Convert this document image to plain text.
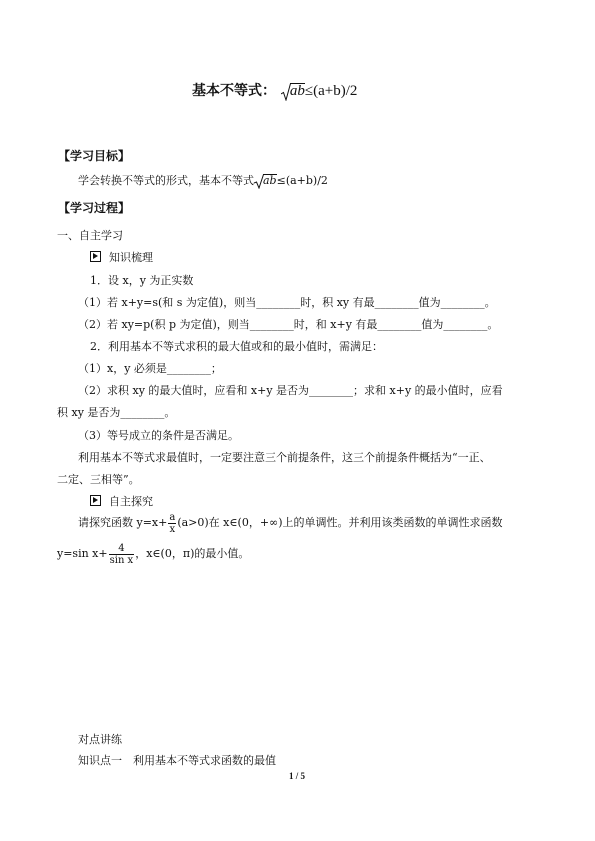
基本不等式： ab≤(a+b)/2
【学习目标】
学会转换不等式的形式，基本不等式 ab≤(a+b)/2
【学习过程】
一、自主学习
知识梳理
1．设 x，y 为正实数
（1）若 x+y=s(和 s 为定值)，则当________时，积 xy 有最________值为________。
（2）若 xy=p(积 p 为定值)，则当________时，和 x+y 有最________值为________。
2．利用基本不等式求积的最大值或和的最小值时，需满足：
（1）x，y 必须是________；
（2）求积 xy 的最大值时，应看和 x+y 是否为________；求和 x+y 的最小值时，应看
积 xy 是否为________。
（3）等号成立的条件是否满足。
利用基本不等式求最值时，一定要注意三个前提条件，这三个前提条件概括为“一正、
二定、三相等”。
自主探究
请探究函数 $y=x+ \frac{a}{x} (a>0)$在 x∈(0，+∞)上的单调性。并利用该类函数的单调性求函数
y=sin $x+ \frac{4}{\text{sin x}}$ ，x∈(0，π)的最小值。
对点讲练
知识点一　利用基本不等式求函数的最值
1 / 5
